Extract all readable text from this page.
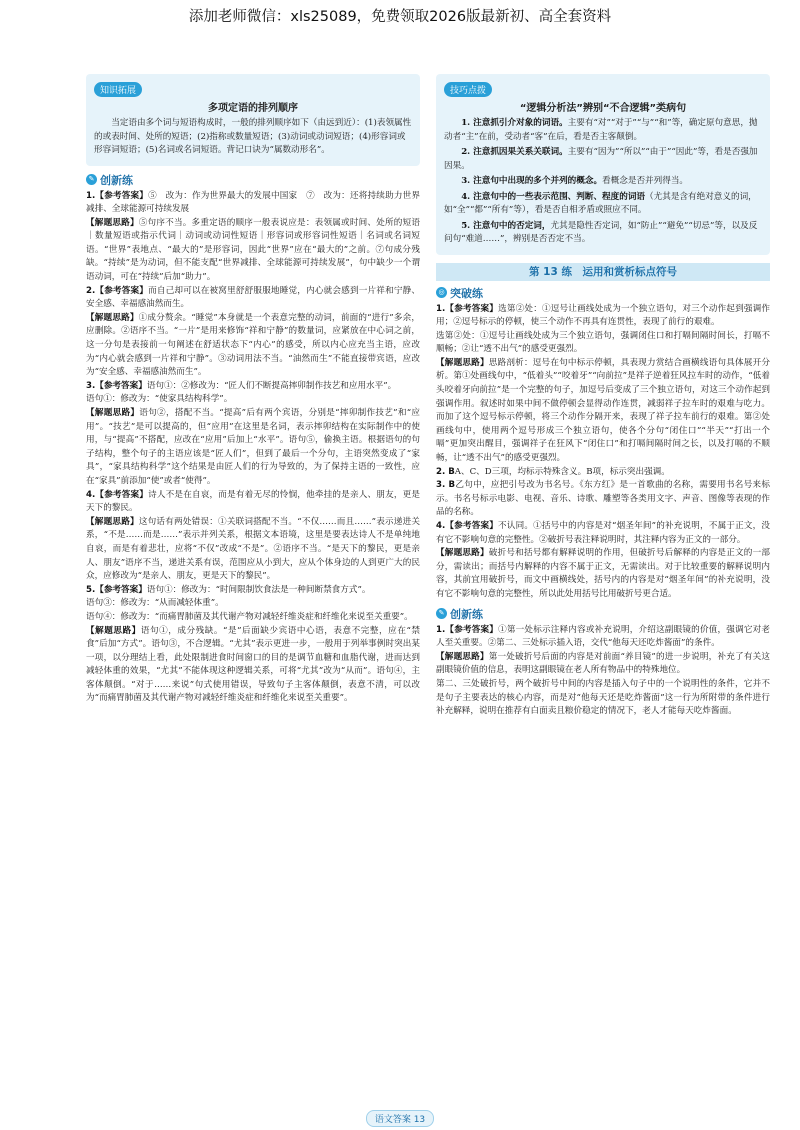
添加老师微信：xls25089，免费领取2026版最新初、高全套资料
知识拓展
多项定语的排列顺序

当定语由多个词与短语构成时，一般的排列顺序如下（由远到近）：(1)表领属性的或表时间、处所的短语；(2)指称或数量短语；(3)动词或动词短语；(4)形容词或形容词短语；(5)名词或名词短语。背记口诀为“属数动形名”。

✎ 创新练

1.【参考答案】⑤　改为：作为世界最大的发展中国家　⑦　改为：还将持续助力世界减排、全球能源可持续发展

【解题思路】⑤句序不当。多重定语的顺序一般表说应是：表领属或时间、处所的短语｜数量短语或指示代词｜动词或动词性短语｜形容词或形容词性短语｜名词或名词短语。“世界”表地点、“最大的”是形容词，因此“世界”应在“最大的”之前。⑦句成分残缺。“持续”是为动词，但不能支配“世界减排、全球能源可持续发展”，句中缺少一个谓语动词，可在“持续”后加“助力”。

2.【参考答案】而自己却可以在被窝里舒舒服服地睡觉，内心就会感到一片祥和宁静、安全感、幸福感油然而生。

【解题思路】①成分赘余。“睡觉”本身就是一个表意完整的动词，前面的“进行”多余，应删除。②语序不当。“一片”是用来修饰“祥和宁静”的数量词，应紧放在中心词之前，这一分句是表接前一句阐述在舒适状态下“内心”的感受，所以内心应充当主语，应改为“内心就会感到一片祥和宁静”。③动词用法不当。“油然而生”不能直接带宾语，应改为“安全感、幸福感油然而生”。

3.【参考答案】语句①：②修改为：“匠人们不断提高摔卯制作技艺和应用水平”。

语句①：修改为：“使家具结构科学”。

【解题思路】语句②，搭配不当。“提高”后有两个宾语，分别是“摔卯制作技艺”和“应用”。“技艺”是可以提高的，但“应用”在这里是名词，表示摔卯结构在实际制作中的使用，与“提高”不搭配，应改在“应用”后加上“水平”。语句⑤，偷换主语。根据语句的句子结构，整个句子的主语应该是“匠人们”，但到了最后一个分句，主语突然变成了“家具”，“家具结构科学”这个结果是由匠人们的行为导致的，为了保持主语的一致性，应在“家具”前添加“使”或者“使得”。

4.【参考答案】诗人不是在自哀，而是有着无尽的怜悯，他牵挂的是亲人、朋友，更是天下的黎民。

【解题思路】这句话有两处错误：①关联词搭配不当。“不仅……而且……”表示递进关系，“不是……而是……”表示并列关系，根据文本语境，这里是要表达诗人不是单纯地自哀，而是有着悲壮，应将“不仅”改成“不是”。②语序不当。“是天下的黎民，更是亲人、朋友”语序不当，递进关系有误，范围应从小到大，应从个体身边的人到更广大的民众，应修改为“是亲人、朋友，更是天下的黎民”。

5.【参考答案】语句①：修改为：“时间限制饮食法是一种间断禁食方式”。

语句③：修改为：“从而减轻体重”。

语句④：修改为：“而痛胃肺菌及其代谢产物对减轻纤维炎症和纤维化来说至关重要”。

【解题思路】语句①，成分残缺。“是”后面缺少宾语中心语，表意不完整，应在“禁食”后加“方式”。语句③，不合逻辑。“尤其”表示更进一步，一般用于列举事例时突出某一项，以分理结上看，此处限制进食时间窗口的目的是调节血糖和血脂代谢，进而达到减轻体重的效果，“尤其”不能体现这种逻辑关系，可将“尤其”改为“从而”。语句④，主客体颠倒。“对于……来说”句式使用错误，导致句子主客体颠倒，表意不清，可以改为“而痛胃肺菌及其代谢产物对减轻纤维炎症和纤维化来说至关重要”。

技巧点拨
“逻辑分析法”辨别“不合逻辑”类病句

1. 注意抓引介对象的词语。主要有“对”“对于”“与”“和”等，确定原句意思，抛动者“主”在前，受动者“客”在后，看是否主客颠倒。

2. 注意抓因果关系关联词。主要有“因为”“所以”“由于”“因此”等，看是否强加因果。

3. 注意句中出现的多个并列的概念。看概念是否并列得当。

4. 注意句中的一些表示范围、判断、程度的词语（尤其是含有绝对意义的词，如“全”“都”“所有”等），看是否自相矛盾或照应不同。

5. 注意句中的否定词，尤其是隐性否定词，如“防止”“避免”“切忌”等，以及反问句“难道……”，辨别是否否定不当。

第 13 练　运用和赏析标点符号
◎ 突破练

1.【参考答案】选第②处：①逗号让画线处成为一个独立语句，对三个动作起到强调作用；②逗号标示的停顿，使三个动作不再具有连贯性，表现了前行的艰难。

选第②处：①逗号让画线处成为三个独立语句，强调闭住口和打嗝间隔时间长，打嗝不顺畅；②让“透不出气”的感受更强烈。

【解题思路】思路剖析：逗号在句中标示停顿，具表现力赏结合画横线语句具体展开分析。第①处画线句中，“低着头”“咬着牙”“向前拉”是祥子逆着狂风拉车时的动作，“低着头咬着牙向前拉”是一个完整的句子，加逗号后变成了三个独立语句，对这三个动作起到强调作用。叙述时如果中间不做停顿会显得动作连贯，减弱祥子拉车时的艰难与吃力。而加了这个逗号标示停顿，将三个动作分隔开来，表现了祥子拉车前行的艰难。第②处画线句中，使用两个逗号形成三个独立语句，使各个分句“闭住口”“半天”“打出一个嗝”更加突出醒目，强调祥子在狂风下“闭住口”和打嗝间隔时间之长，以及打嗝的不顺畅，让“透不出气”的感受更强烈。

2. BA、C、D三项，均标示特殊含义。B项，标示突出强调。

3. B乙句中，应把引号改为书名号。《东方红》是一首歌曲的名称，需要用书名号来标示。书名号标示电影、电视、音乐、诗歌、雕塑等各类用文字、声音、图像等表现的作品的名称。

4.【参考答案】不认同。①括号中的内容是对“烟圣年间”的补充说明，不属于正文，没有它不影响句意的完整性。②破折号表注释说明时，其注释内容为正文的一部分。

【解题思路】破折号和括号都有解释说明的作用，但破折号后解释的内容是正文的一部分，需读出；而括号内解释的内容不属于正文，无需读出。对于比较重要的解释说明内容，其前宜用破折号，而文中画横线处，括号内的内容是对“烟圣年间”的补充说明，没有它不影响句意的完整性，所以此处用括号比用破折号更合适。

✎ 创新练

1.【参考答案】①第一处标示注释内容或补充说明，介绍这副眼镜的价值，强调它对老人至关重要。②第二、三处标示插入语，交代“他每天还吃炸酱面”的条件。

【解题思路】第一处破折号后面的内容是对前面“养目镜”的进一步说明，补充了有关这副眼镜价值的信息，表明这副眼镜在老人所有物品中的特殊地位。

第二、三处破折号，两个破折号中间的内容是插入句子中的一个说明性的条件，它并不是句子主要表达的核心内容，而是对“他每天还是吃炸酱面”这一行为所附带的条件进行补充解释，说明在推荐有白面卖且粮价稳定的情况下，老人才能每天吃炸酱面。

语文答案 13
